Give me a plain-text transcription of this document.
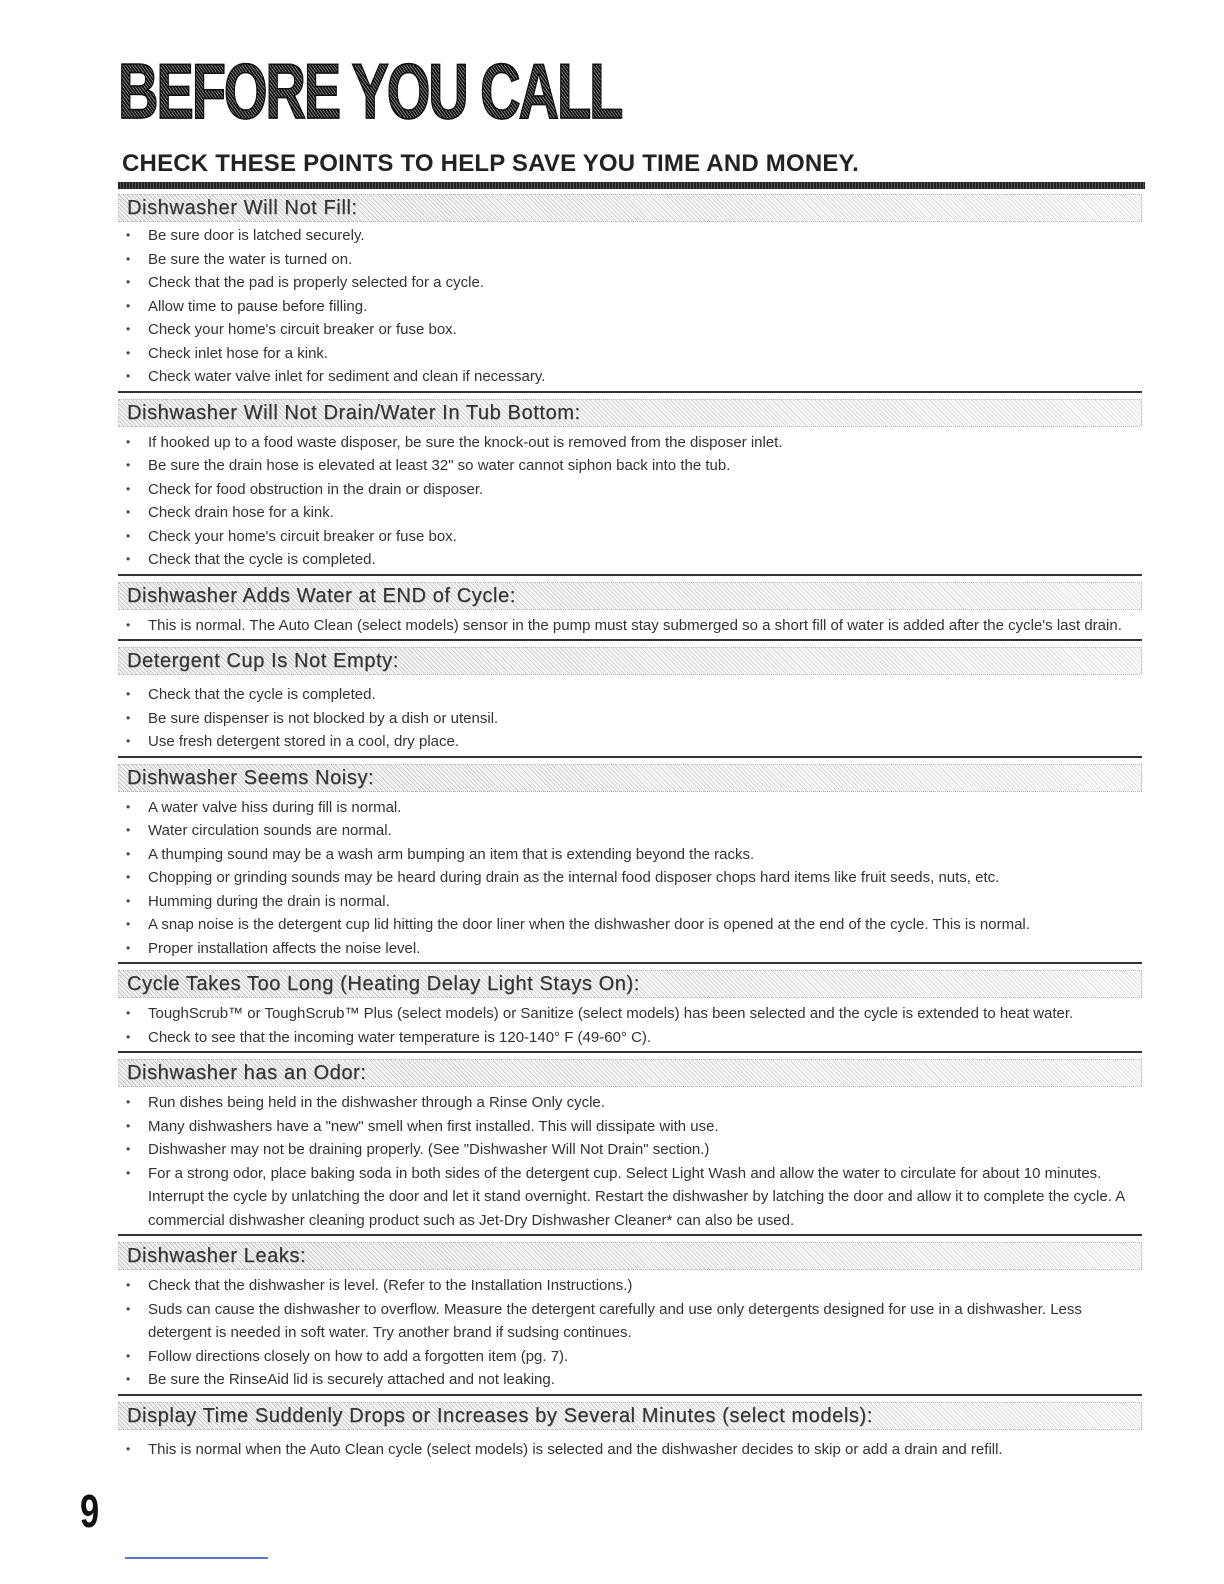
BEFORE YOU CALL
CHECK THESE POINTS TO HELP SAVE YOU TIME AND MONEY.
Dishwasher Will Not Fill:
• Be sure door is latched securely.
• Be sure the water is turned on.
• Check that the pad is properly selected for a cycle.
• Allow time to pause before filling.
• Check your home's circuit breaker or fuse box.
• Check inlet hose for a kink.
• Check water valve inlet for sediment and clean if necessary.
Dishwasher Will Not Drain/Water In Tub Bottom:
• If hooked up to a food waste disposer, be sure the knock-out is removed from the disposer inlet.
• Be sure the drain hose is elevated at least 32" so water cannot siphon back into the tub.
• Check for food obstruction in the drain or disposer.
• Check drain hose for a kink.
• Check your home's circuit breaker or fuse box.
• Check that the cycle is completed.
Dishwasher Adds Water at END of Cycle:
• This is normal. The Auto Clean (select models) sensor in the pump must stay submerged so a short fill of water is added after the cycle's last drain.
Detergent Cup Is Not Empty:
• Check that the cycle is completed.
• Be sure dispenser is not blocked by a dish or utensil.
• Use fresh detergent stored in a cool, dry place.
Dishwasher Seems Noisy:
• A water valve hiss during fill is normal.
• Water circulation sounds are normal.
• A thumping sound may be a wash arm bumping an item that is extending beyond the racks.
• Chopping or grinding sounds may be heard during drain as the internal food disposer chops hard items like fruit seeds, nuts, etc.
• Humming during the drain is normal.
• A snap noise is the detergent cup lid hitting the door liner when the dishwasher door is opened at the end of the cycle. This is normal.
• Proper installation affects the noise level.
Cycle Takes Too Long (Heating Delay Light Stays On):
• ToughScrub™ or ToughScrub™ Plus (select models) or Sanitize (select models) has been selected and the cycle is extended to heat water.
• Check to see that the incoming water temperature is 120-140° F (49-60° C).
Dishwasher has an Odor:
• Run dishes being held in the dishwasher through a Rinse Only cycle.
• Many dishwashers have a "new" smell when first installed. This will dissipate with use.
• Dishwasher may not be draining properly. (See "Dishwasher Will Not Drain" section.)
• For a strong odor, place baking soda in both sides of the detergent cup. Select Light Wash and allow the water to circulate for about 10 minutes. Interrupt the cycle by unlatching the door and let it stand overnight. Restart the dishwasher by latching the door and allow it to complete the cycle. A commercial dishwasher cleaning product such as Jet-Dry Dishwasher Cleaner* can also be used.
Dishwasher Leaks:
• Check that the dishwasher is level. (Refer to the Installation Instructions.)
• Suds can cause the dishwasher to overflow. Measure the detergent carefully and use only detergents designed for use in a dishwasher. Less detergent is needed in soft water. Try another brand if sudsing continues.
• Follow directions closely on how to add a forgotten item (pg. 7).
• Be sure the RinseAid lid is securely attached and not leaking.
Display Time Suddenly Drops or Increases by Several Minutes (select models):
• This is normal when the Auto Clean cycle (select models) is selected and the dishwasher decides to skip or add a drain and refill.
9
